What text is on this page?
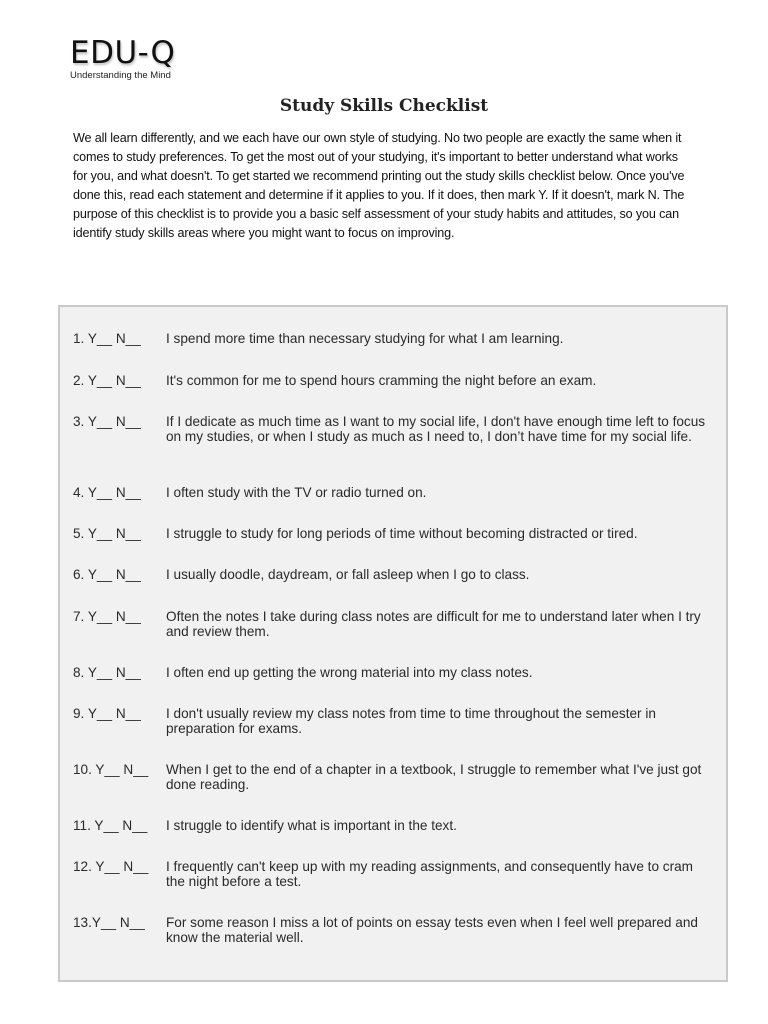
EDU-Q
Understanding the Mind
Study Skills Checklist

We all learn differently, and we each have our own style of studying. No two people are exactly the same when it comes to study preferences. To get the most out of your studying, it's important to better understand what works for you, and what doesn't. To get started we recommend printing out the study skills checklist below. Once you've done this, read each statement and determine if it applies to you. If it does, then mark Y. If it doesn't, mark N. The purpose of this checklist is to provide you a basic self assessment of your study habits and attitudes, so you can identify study skills areas where you might want to focus on improving.

1. Y__ N__ I spend more time than necessary studying for what I am learning.
2. Y__ N__ It's common for me to spend hours cramming the night before an exam.
3. Y__ N__ If I dedicate as much time as I want to my social life, I don't have enough time left to focus on my studies, or when I study as much as I need to, I don’t have time for my social life.
4. Y__ N__ I often study with the TV or radio turned on.
5. Y__ N__ I struggle to study for long periods of time without becoming distracted or tired.
6. Y__ N__ I usually doodle, daydream, or fall asleep when I go to class.
7. Y__ N__ Often the notes I take during class notes are difficult for me to understand later when I try and review them.
8. Y__ N__ I often end up getting the wrong material into my class notes.
9. Y__ N__ I don't usually review my class notes from time to time throughout the semester in preparation for exams.
10. Y__ N__ When I get to the end of a chapter in a textbook, I struggle to remember what I've just got done reading.
11. Y__ N__ I struggle to identify what is important in the text.
12. Y__ N__ I frequently can't keep up with my reading assignments, and consequently have to cram the night before a test.
13.Y__ N__ For some reason I miss a lot of points on essay tests even when I feel well prepared and know the material well.
